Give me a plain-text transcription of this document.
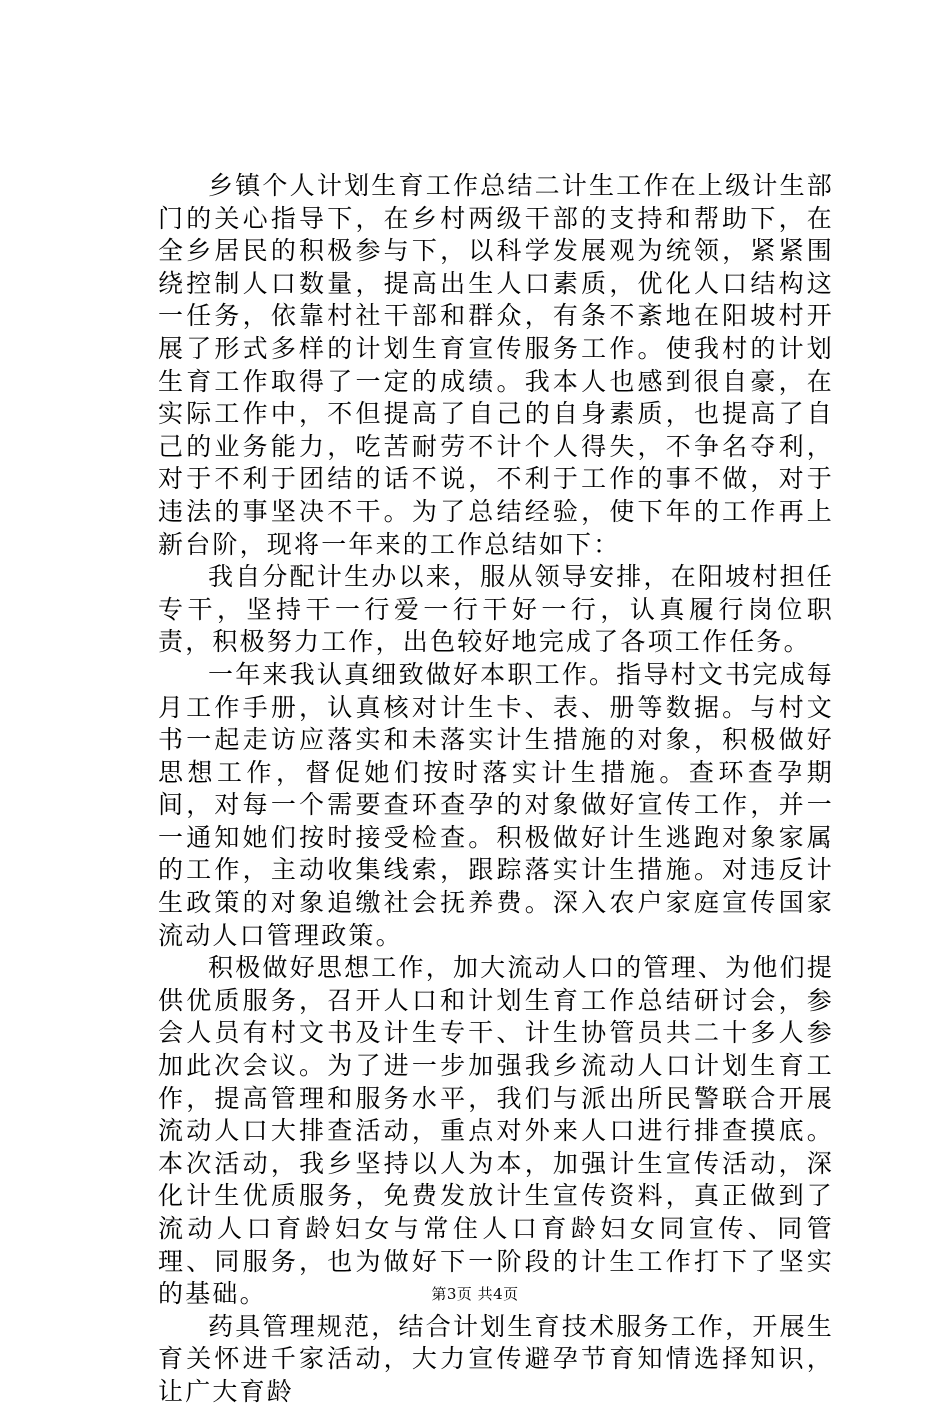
乡镇个人计划生育工作总结二计生工作在上级计生部门的关心指导下，在乡村两级干部的支持和帮助下，在全乡居民的积极参与下，以科学发展观为统领，紧紧围绕控制人口数量，提高出生人口素质，优化人口结构这一任务，依靠村社干部和群众，有条不紊地在阳坡村开展了形式多样的计划生育宣传服务工作。使我村的计划生育工作取得了一定的成绩。我本人也感到很自豪，在实际工作中，不但提高了自己的自身素质，也提高了自己的业务能力，吃苦耐劳不计个人得失，不争名夺利，对于不利于团结的话不说，不利于工作的事不做，对于违法的事坚决不干。为了总结经验，使下年的工作再上新台阶，现将一年来的工作总结如下：

我自分配计生办以来，服从领导安排，在阳坡村担任专干，坚持干一行爱一行干好一行，认真履行岗位职责，积极努力工作，出色较好地完成了各项工作任务。

一年来我认真细致做好本职工作。指导村文书完成每月工作手册，认真核对计生卡、表、册等数据。与村文书一起走访应落实和未落实计生措施的对象，积极做好思想工作，督促她们按时落实计生措施。查环查孕期间，对每一个需要查环查孕的对象做好宣传工作，并一一通知她们按时接受检查。积极做好计生逃跑对象家属的工作，主动收集线索，跟踪落实计生措施。对违反计生政策的对象追缴社会抚养费。深入农户家庭宣传国家流动人口管理政策。

积极做好思想工作，加大流动人口的管理、为他们提供优质服务，召开人口和计划生育工作总结研讨会，参会人员有村文书及计生专干、计生协管员共二十多人参加此次会议。为了进一步加强我乡流动人口计划生育工作，提高管理和服务水平，我们与派出所民警联合开展流动人口大排查活动，重点对外来人口进行排查摸底。本次活动，我乡坚持以人为本，加强计生宣传活动，深化计生优质服务，免费发放计生宣传资料，真正做到了流动人口育龄妇女与常住人口育龄妇女同宣传、同管理、同服务，也为做好下一阶段的计生工作打下了坚实的基础。

药具管理规范，结合计划生育技术服务工作，开展生育关怀进千家活动，大力宣传避孕节育知情选择知识，让广大育龄

第3页 共4页
